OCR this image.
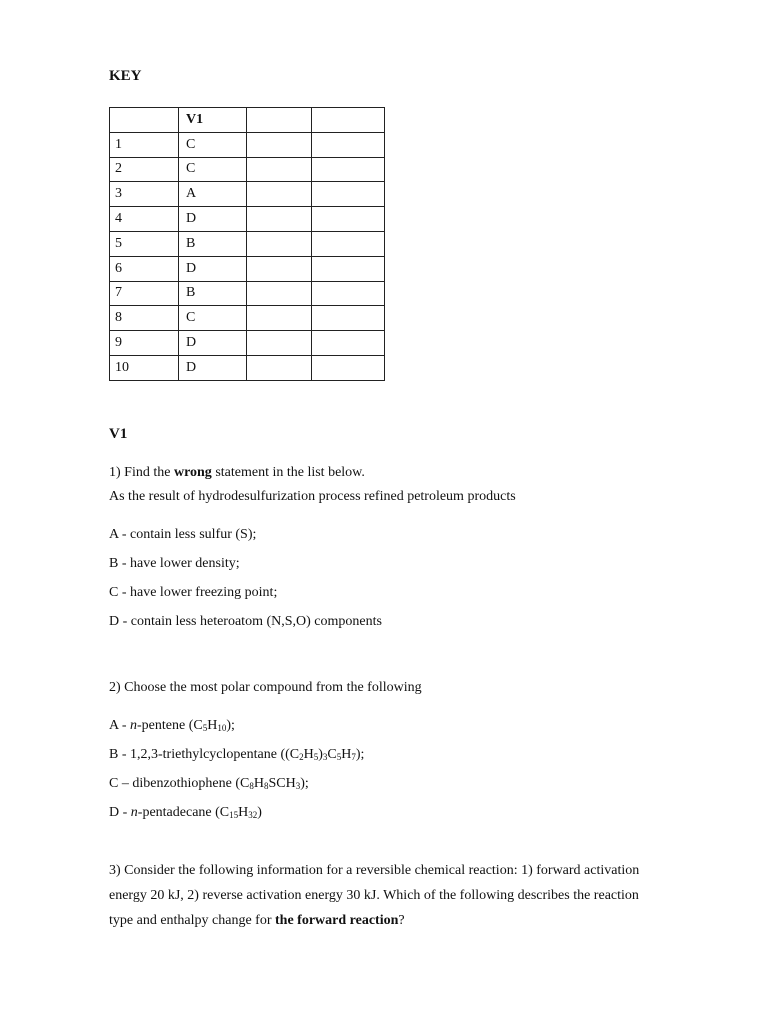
KEY
	V1		
1	C		
2	C		
3	A		
4	D		
5	B		
6	D		
7	B		
8	C		
9	D		
10	D		
V1
1) Find the wrong statement in the list below.
As the result of hydrodesulfurization process refined petroleum products
A - contain less sulfur (S);
B - have lower density;
C - have lower freezing point;
D - contain less heteroatom (N,S,O) components
2) Choose the most polar compound from the following
A - n-pentene $(C_5H_{10})$;
B - 1,2,3-triethylcyclopentane $((C_2H_5)_3C_5H_7)$;
C – dibenzothiophene $(C_8H_8SCH_3)$;
D - n-pentadecane $(C_{15}H_{32})$
3) Consider the following information for a reversible chemical reaction: 1) forward activation
energy 20 kJ, 2) reverse activation energy 30 kJ. Which of the following describes the reaction
type and enthalpy change for the forward reaction?
